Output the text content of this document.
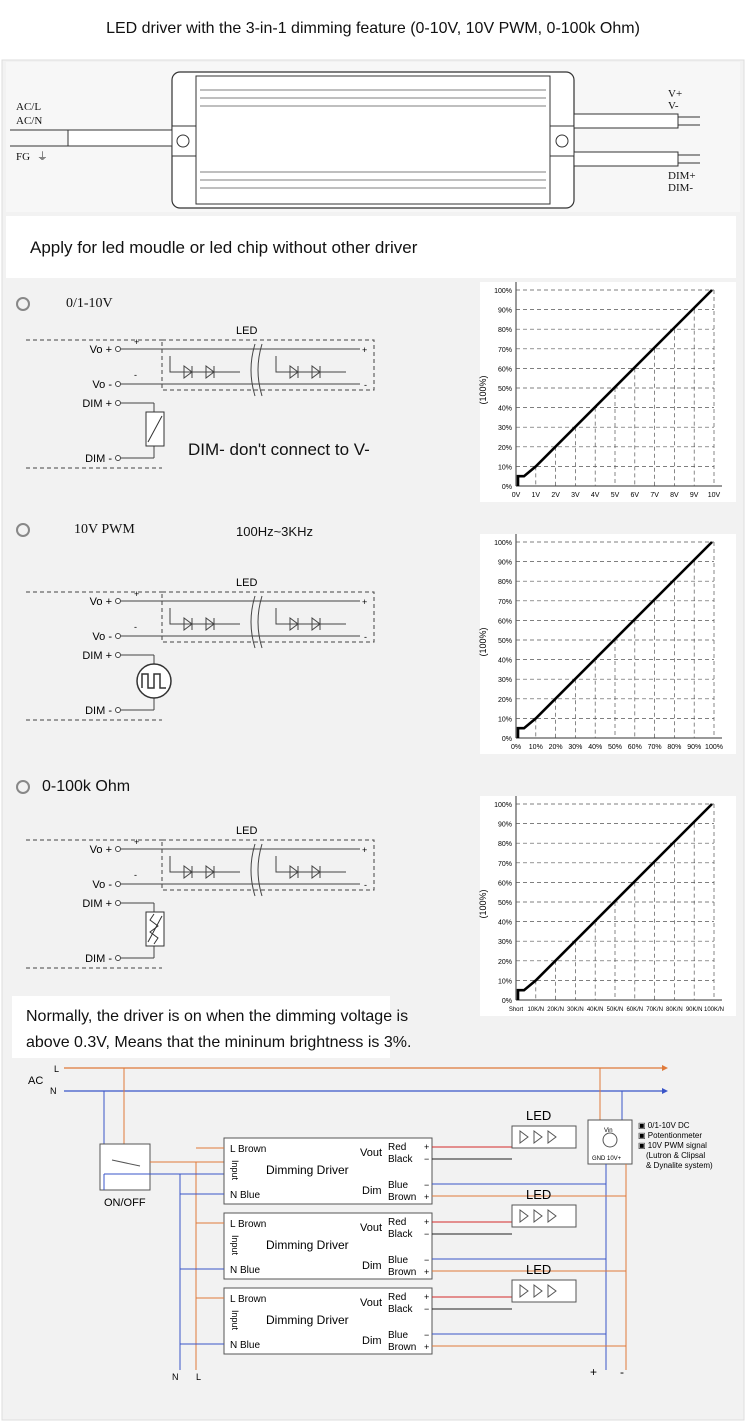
LED driver with the 3-in-1 dimming feature (0-10V, 10V PWM, 0-100k Ohm)
LED
Vo +
Vo -
DIM +
DIM -
+
-
+
-
LED
Vo +
Vo -
DIM +
DIM -
+
-
+
-
LED
Vo +
Vo -
DIM +
DIM -
+
-
+
-
0%
10%
20%
30%
40%
50%
60%
70%
80%
90%
100%
0V 1V 2V 3V 4V 5V 6V 7V 8V 9V 10V
(100%)
0%
10%
20%
30%
40%
50%
60%
70%
80%
90%
100%
0% 10% 20% 30% 40% 50% 60% 70% 80% 90% 100%
(100%)
0%
10%
20%
30%
40%
50%
60%
70%
80%
90%
100%
Short 10K/N 20K/N 30K/N 40K/N 50K/N 60K/N 70K/N 80K/N 90K/N 100K/N
(100%)
AC
L
N
ON/OFF
N L
Vin
GND 10V+
+ -
▣ 0/1-10V DC
▣ Potentionmeter
▣ 10V PWM signal
(Lutron & Clipsal
& Dynalite system)
L Brown
N Blue
Input Dimming Driver
Vout
Dim
Red
Black
Blue
Brown
+
−
−
+
LED
L Brown
N Blue
Input Dimming Driver
Vout
Dim
Red
Black
Blue
Brown
+
−
−
+
LED
L Brown
N Blue
Input Dimming Driver
Vout
Dim
Red
Black
Blue
Brown
+
−
−
+
LED
AC/L
AC/N
FG ⏚
V+
V-
DIM+
DIM-
Apply for led moudle or led chip without other driver
0/1-10V
DIM- don't connect to V-
10V PWM	100Hz~3KHz
0-100k Ohm
Normally, the driver is on when the dimming voltage is
above 0.3V, Means that the mininum brightness is 3%.
